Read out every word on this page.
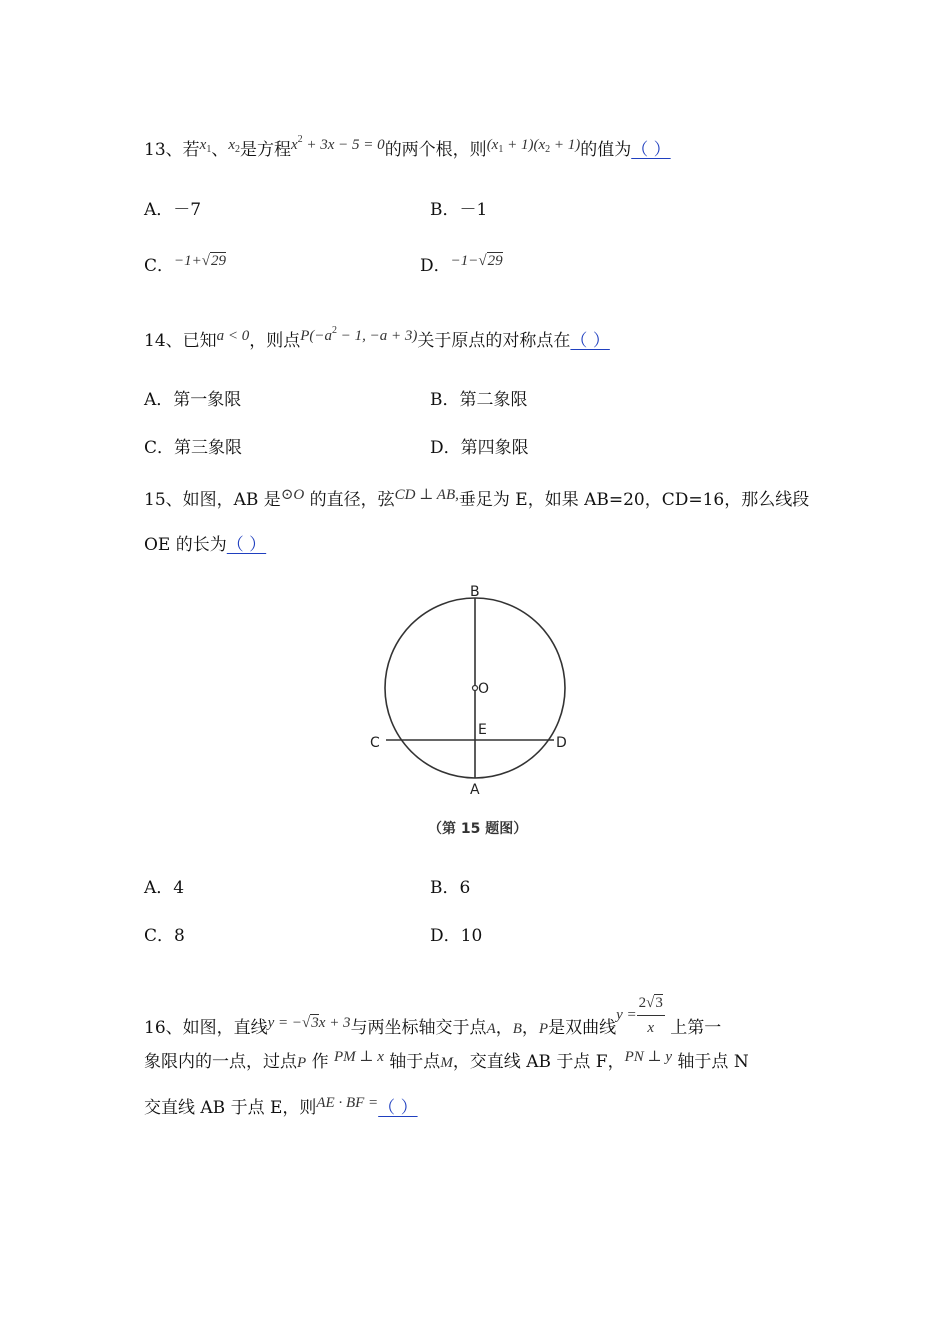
13、若$x_1$、$x_2$是方程$x^2 + 3x - 5 = 0$的两个根，则$(x_1 + 1)(x_2 + 1)$的值为（ ）
A．－7	B．－1
C．−1+√29	D．−1−√29
14、已知a < 0，则点$P(-a^2 - 1$, −a + 3)关于原点的对称点在（ ）
A．第一象限	B．第二象限
C．第三象限	D．第四象限
15、如图，AB 是⊙O 的直径，弦CD ⊥ AB,垂足为 E，如果 AB=20，CD=16，那么线段
OE 的长为（ ）
B
O
E
C	D
A
（第 15 题图）
A．4	B．6
C．8	D．10
16、如图，直线y = −√3x + 3与两坐标轴交于点A，B，P是双曲线$y = \frac{2√3}{x}$ 上第一
象限内的一点，过点P 作 PM ⊥ x 轴于点M，交直线 AB 于点 F，PN ⊥ y 轴于点 N
交直线 AB 于点 E，则AE · BF =（ ）
